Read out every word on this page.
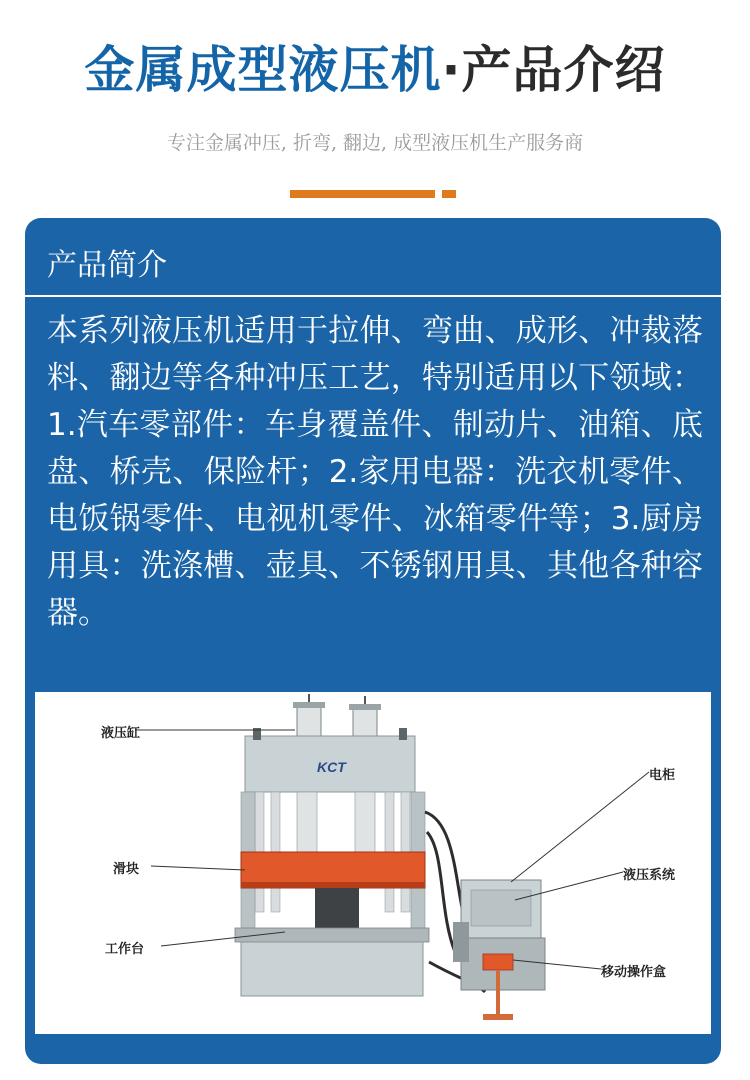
金属成型液压机·产品介绍
专注金属冲压, 折弯, 翻边, 成型液压机生产服务商
产品简介
本系列液压机适用于拉伸、弯曲、成形、冲裁落料、翻边等各种冲压工艺，特别适用以下领域：1.汽车零部件：车身覆盖件、制动片、油箱、底盘、桥壳、保险杆；2.家用电器：洗衣机零件、电饭锅零件、电视机零件、冰箱零件等；3.厨房用具：洗涤槽、壶具、不锈钢用具、其他各种容器。
KCT
液压缸
滑块
工作台
电柜
液压系统
移动操作盒
